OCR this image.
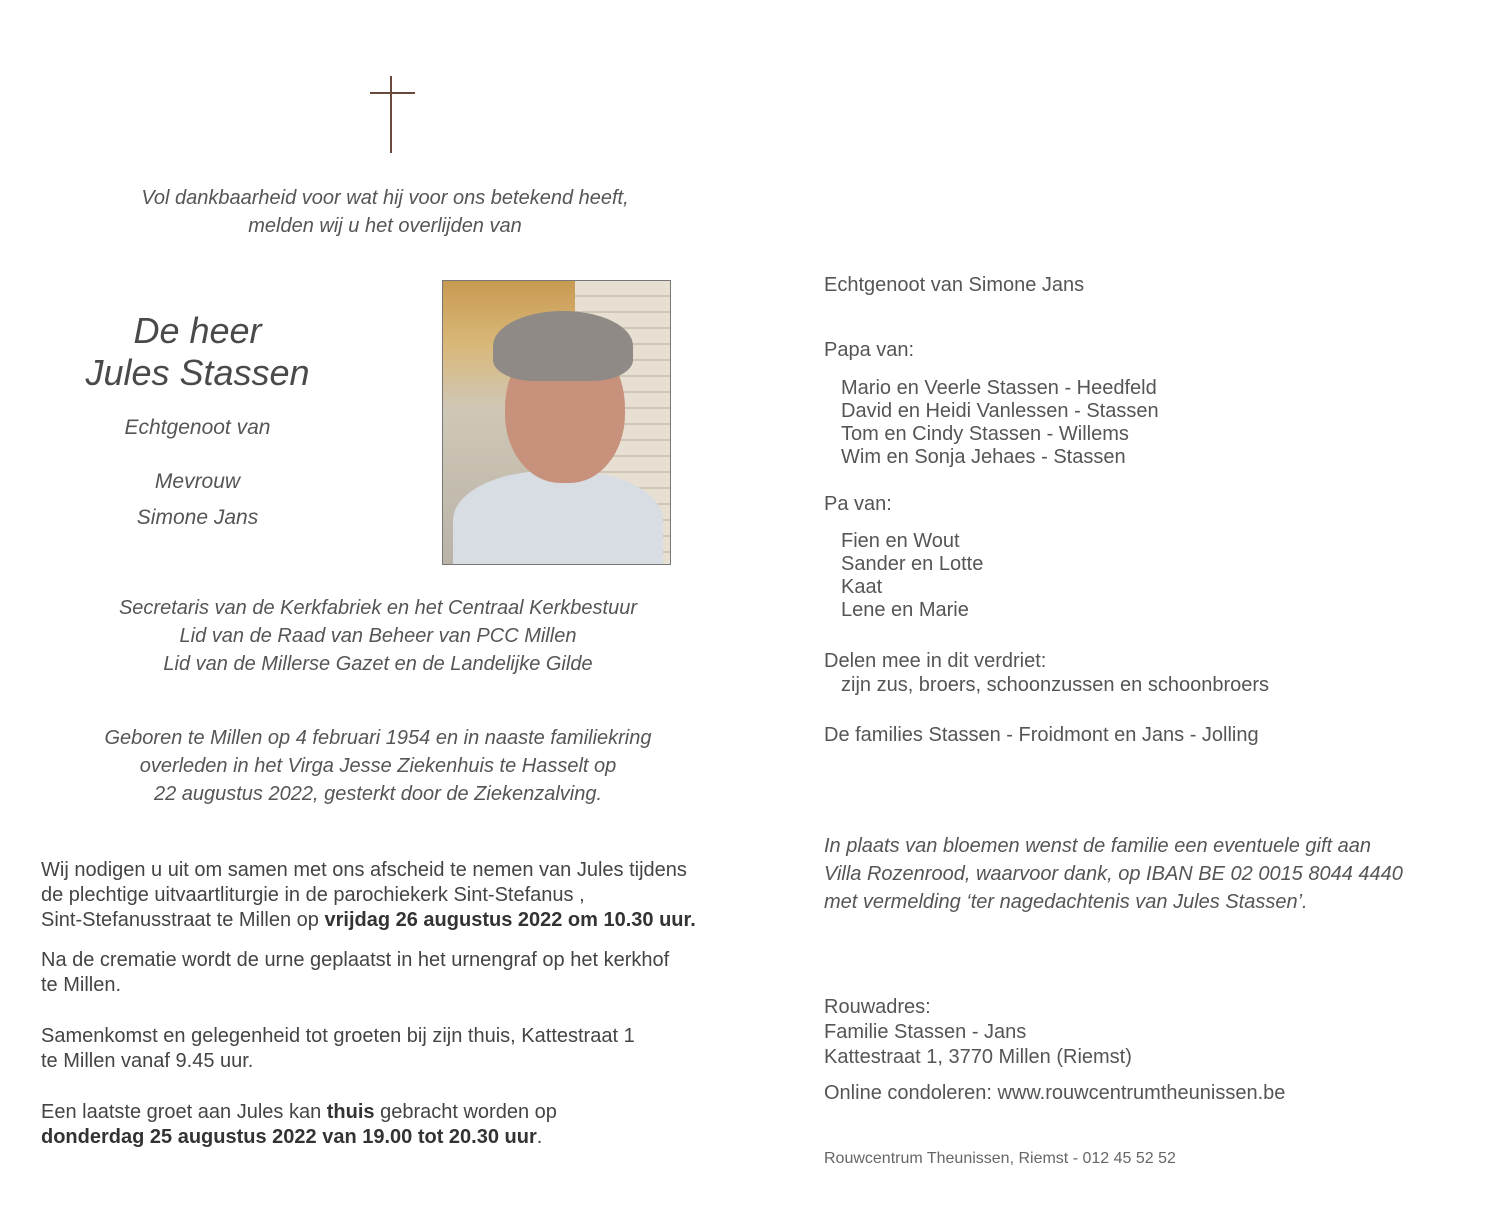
Vol dankbaarheid voor wat hij voor ons betekend heeft,
melden wij u het overlijden van
De heer
Jules Stassen
Echtgenoot van
Mevrouw
Simone Jans
Secretaris van de Kerkfabriek en het Centraal Kerkbestuur
Lid van de Raad van Beheer van PCC Millen
Lid van de Millerse Gazet en de Landelijke Gilde
Geboren te Millen op 4 februari 1954 en in naaste familiekring
overleden in het Virga Jesse Ziekenhuis te Hasselt op
22 augustus 2022, gesterkt door de Ziekenzalving.
Wij nodigen u uit om samen met ons afscheid te nemen van Jules tijdens
de plechtige uitvaartliturgie in de parochiekerk Sint-Stefanus ,
Sint-Stefanusstraat te Millen op vrijdag 26 augustus 2022 om 10.30 uur.
Na de crematie wordt de urne geplaatst in het urnengraf op het kerkhof
te Millen.
Samenkomst en gelegenheid tot groeten bij zijn thuis, Kattestraat 1
te Millen vanaf 9.45 uur.
Een laatste groet aan Jules kan thuis gebracht worden op
donderdag 25 augustus 2022 van 19.00 tot 20.30 uur.
Echtgenoot van Simone Jans
Papa van:
Mario en Veerle Stassen - Heedfeld
David en Heidi Vanlessen - Stassen
Tom en Cindy Stassen - Willems
Wim en Sonja Jehaes - Stassen
Pa van:
Fien en Wout
Sander en Lotte
Kaat
Lene en Marie
Delen mee in dit verdriet:
zijn zus, broers, schoonzussen en schoonbroers
De families Stassen - Froidmont en Jans - Jolling
In plaats van bloemen wenst de familie een eventuele gift aan
Villa Rozenrood, waarvoor dank, op IBAN BE 02 0015 8044 4440
met vermelding ‘ter nagedachtenis van Jules Stassen’.
Rouwadres:
Familie Stassen - Jans
Kattestraat 1, 3770 Millen (Riemst)
Online condoleren: www.rouwcentrumtheunissen.be
Rouwcentrum Theunissen, Riemst - 012 45 52 52
